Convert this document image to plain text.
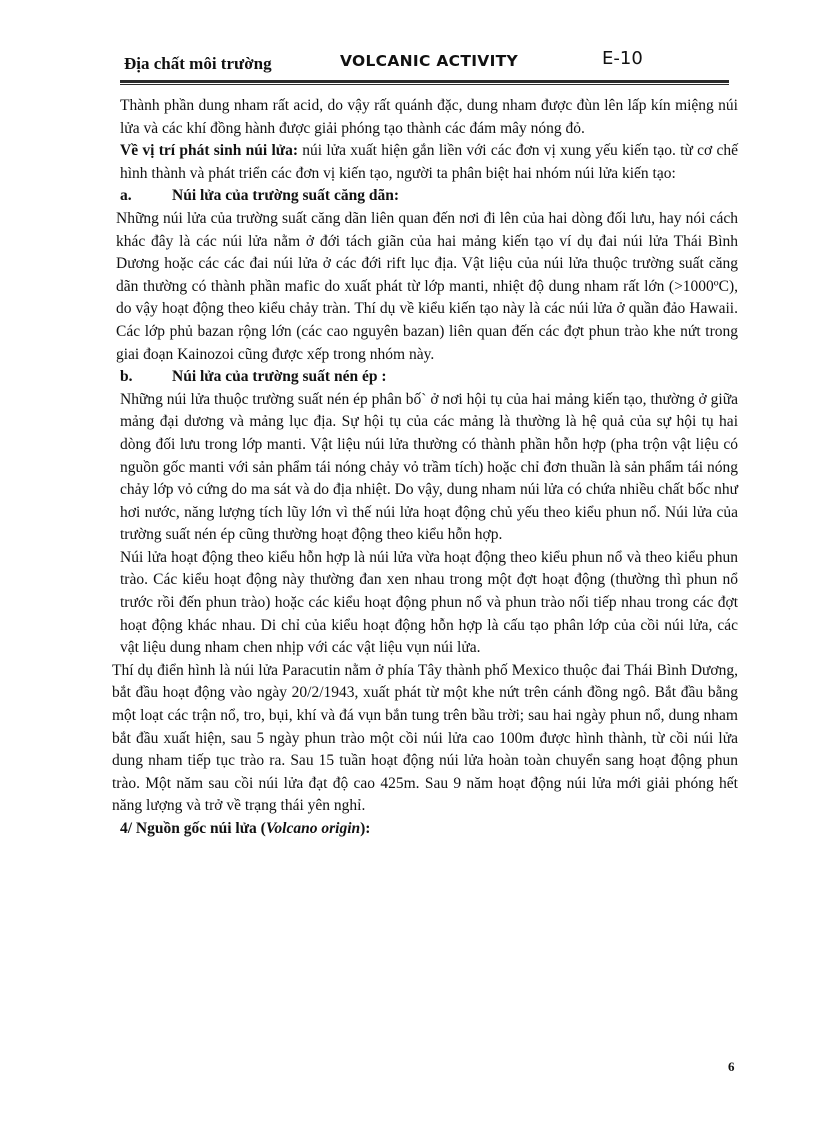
Địa chất môi trường	VOLCANIC ACTIVITY	E-10

Thành phần dung nham rất acid, do vậy rất quánh đặc, dung nham được đùn lên lấp kín miệng núi lửa và các khí đồng hành được giải phóng tạo thành các đám mây nóng đỏ.

Về vị trí phát sinh núi lửa: núi lửa xuất hiện gắn liền với các đơn vị xung yếu kiến tạo. từ cơ chế hình thành và phát triển các đơn vị kiến tạo, người ta phân biệt hai nhóm núi lửa kiến tạo:

a.	Núi lửa của trường suất căng dãn:

Những núi lửa của trường suất căng dãn liên quan đến nơi đi lên của hai dòng đối lưu, hay nói cách khác đây là các núi lửa nằm ở đới tách giãn của hai mảng kiến tạo ví dụ đai núi lửa Thái Bình Dương hoặc các các đai núi lửa ở các đới rift lục địa. Vật liệu của núi lửa thuộc trường suất căng dãn thường có thành phần mafic do xuất phát từ lớp manti, nhiệt độ dung nham rất lớn (>1000ºC), do vậy hoạt động theo kiểu chảy tràn. Thí dụ về kiểu kiến tạo này là các núi lửa ở quần đảo Hawaii. Các lớp phủ bazan rộng lớn (các cao nguyên bazan) liên quan đến các đợt phun trào khe nứt trong giai đoạn Kainozoi cũng được xếp trong nhóm này.

b.	Núi lửa của trường suất nén ép :

Những núi lửa thuộc trường suất nén ép phân bố` ở nơi hội tụ của hai mảng kiến tạo, thường ở giữa mảng đại dương và mảng lục địa. Sự hội tụ của các mảng là thường là hệ quả của sự hội tụ hai dòng đối lưu trong lớp manti. Vật liệu núi lửa thường có thành phần hỗn hợp (pha trộn vật liệu có nguồn gốc manti với sản phẩm tái nóng chảy vỏ trầm tích) hoặc chỉ đơn thuần là sản phẩm tái nóng chảy lớp vỏ cứng do ma sát và do địa nhiệt. Do vậy, dung nham núi lửa có chứa nhiều chất bốc như hơi nước, năng lượng tích lũy lớn vì thế núi lửa hoạt động chủ yếu theo kiểu phun nổ. Núi lửa của trường suất nén ép cũng thường hoạt động theo kiểu hỗn hợp.

Núi lửa hoạt động theo kiểu hỗn hợp là núi lửa vừa hoạt động theo kiểu phun nổ và theo kiểu phun trào. Các kiểu hoạt động này thường đan xen nhau trong một đợt hoạt động (thường thì phun nổ trước rồi đến phun trào) hoặc các kiểu hoạt động phun nổ và phun trào nối tiếp nhau trong các đợt hoạt động khác nhau. Di chỉ của kiểu hoạt động hỗn hợp là cấu tạo phân lớp của cồi núi lửa, các vật liệu dung nham chen nhịp với các vật liệu vụn núi lửa.

Thí dụ điển hình là núi lửa Paracutin nằm ở phía Tây thành phố Mexico thuộc đai Thái Bình Dương, bắt đầu hoạt động vào ngày 20/2/1943, xuất phát từ một khe nứt trên cánh đồng ngô. Bắt đầu bằng một loạt các trận nổ, tro, bụi, khí và đá vụn bắn tung trên bầu trời; sau hai ngày phun nổ, dung nham bắt đầu xuất hiện, sau 5 ngày phun trào một cồi núi lửa cao 100m được hình thành, từ cồi núi lửa dung nham tiếp tục trào ra. Sau 15 tuần hoạt động núi lửa hoàn toàn chuyển sang hoạt động phun trào. Một năm sau cồi núi lửa đạt độ cao 425m. Sau 9 năm hoạt động núi lửa mới giải phóng hết năng lượng và trở về trạng thái yên nghỉ.

4/ Nguồn gốc núi lửa (Volcano origin):

6
